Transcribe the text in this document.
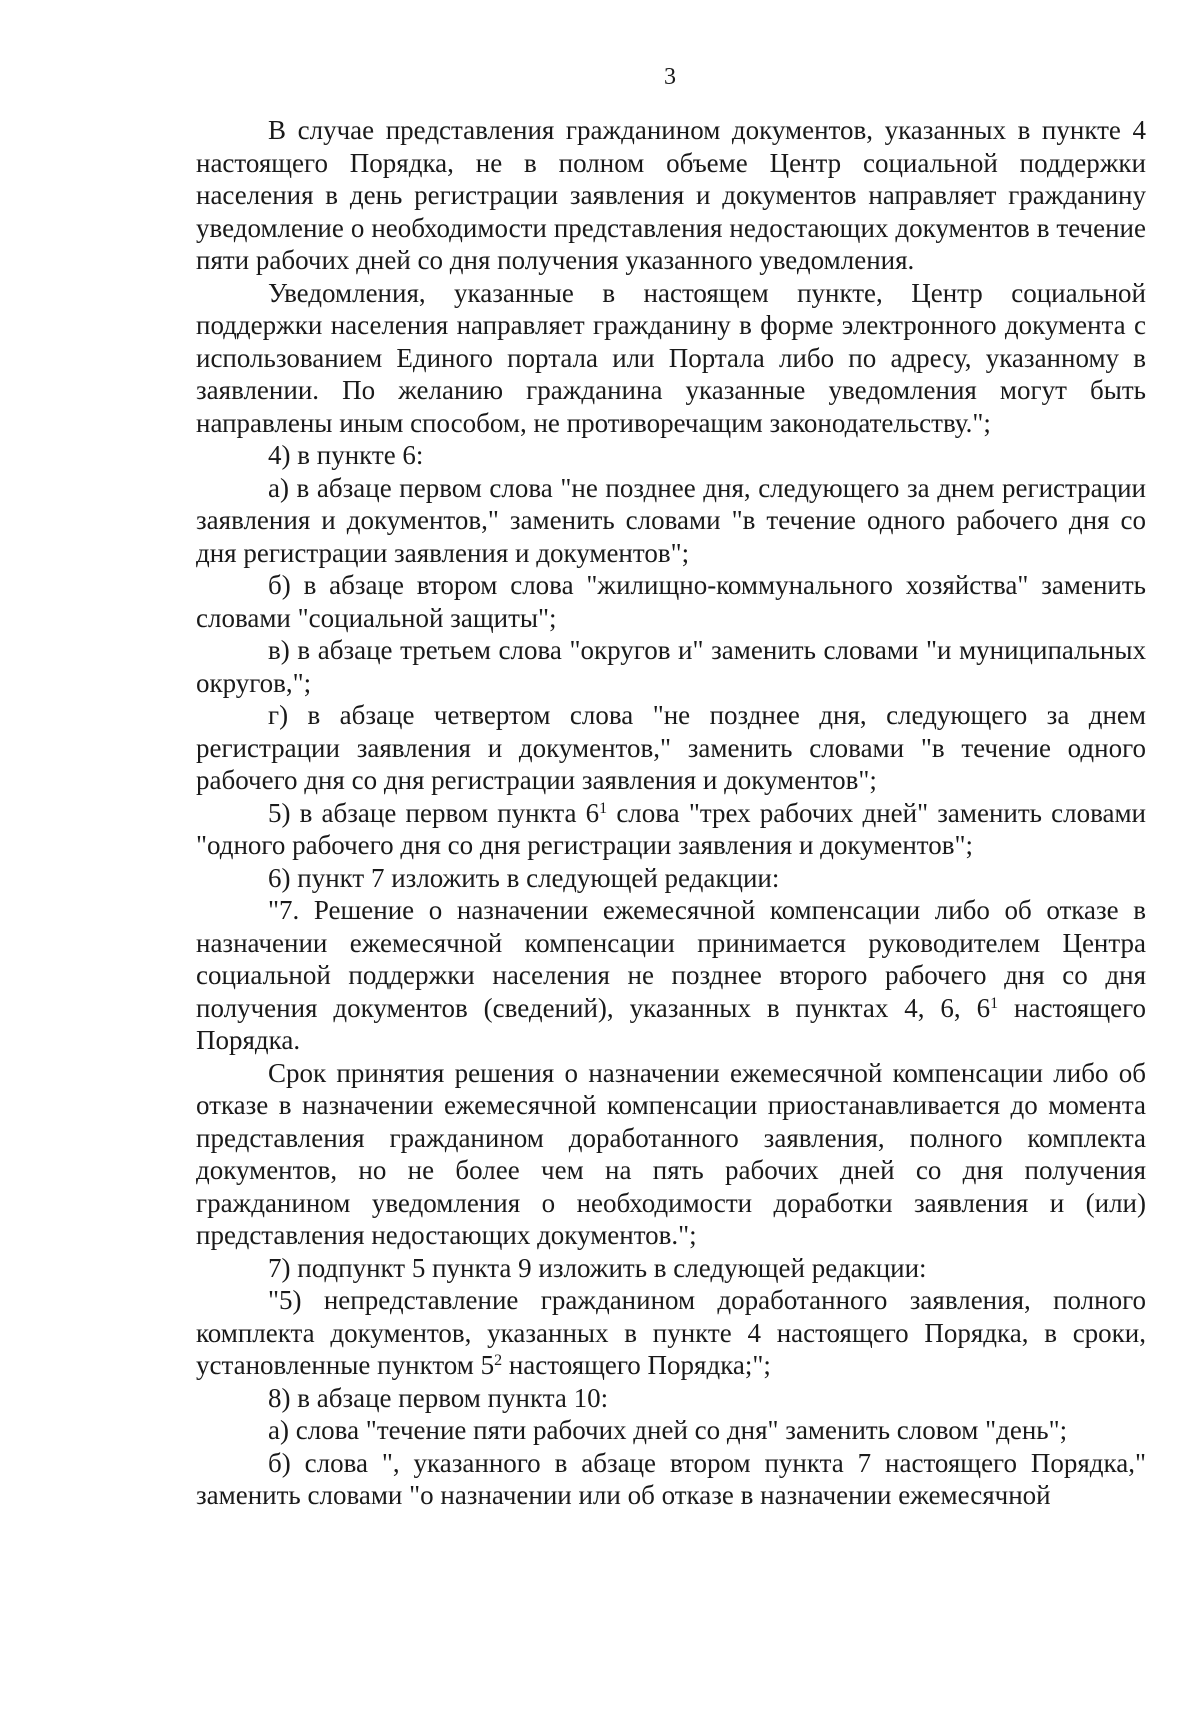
3

В случае представления гражданином документов, указанных в пункте 4 настоящего Порядка, не в полном объеме Центр социальной поддержки населения в день регистрации заявления и документов направляет гражданину уведомление о необходимости представления недостающих документов в течение пяти рабочих дней со дня получения указанного уведомления.

Уведомления, указанные в настоящем пункте, Центр социальной поддержки населения направляет гражданину в форме электронного документа с использованием Единого портала или Портала либо по адресу, указанному в заявлении. По желанию гражданина указанные уведомления могут быть направлены иным способом, не противоречащим законодательству.";

4) в пункте 6:

а) в абзаце первом слова "не позднее дня, следующего за днем регистрации заявления и документов," заменить словами "в течение одного рабочего дня со дня регистрации заявления и документов";

б) в абзаце втором слова "жилищно-коммунального хозяйства" заменить словами "социальной защиты";

в) в абзаце третьем слова "округов и" заменить словами "и муниципальных округов,";

г) в абзаце четвертом слова "не позднее дня, следующего за днем регистрации заявления и документов," заменить словами "в течение одного рабочего дня со дня регистрации заявления и документов";

5) в абзаце первом пункта $6^1$ слова "трех рабочих дней" заменить словами "одного рабочего дня со дня регистрации заявления и документов";

6) пункт 7 изложить в следующей редакции:

"7. Решение о назначении ежемесячной компенсации либо об отказе в назначении ежемесячной компенсации принимается руководителем Центра социальной поддержки населения не позднее второго рабочего дня со дня получения документов (сведений), указанных в пунктах 4, 6, $6^1$ настоящего Порядка.

Срок принятия решения о назначении ежемесячной компенсации либо об отказе в назначении ежемесячной компенсации приостанавливается до момента представления гражданином доработанного заявления, полного комплекта документов, но не более чем на пять рабочих дней со дня получения гражданином уведомления о необходимости доработки заявления и (или) представления недостающих документов.";

7) подпункт 5 пункта 9 изложить в следующей редакции:

"5) непредставление гражданином доработанного заявления, полного комплекта документов, указанных в пункте 4 настоящего Порядка, в сроки, установленные пунктом $5^2$ настоящего Порядка;";

8) в абзаце первом пункта 10:

а) слова "течение пяти рабочих дней со дня" заменить словом "день";

б) слова ", указанного в абзаце втором пункта 7 настоящего Порядка," заменить словами "о назначении или об отказе в назначении ежемесячной
